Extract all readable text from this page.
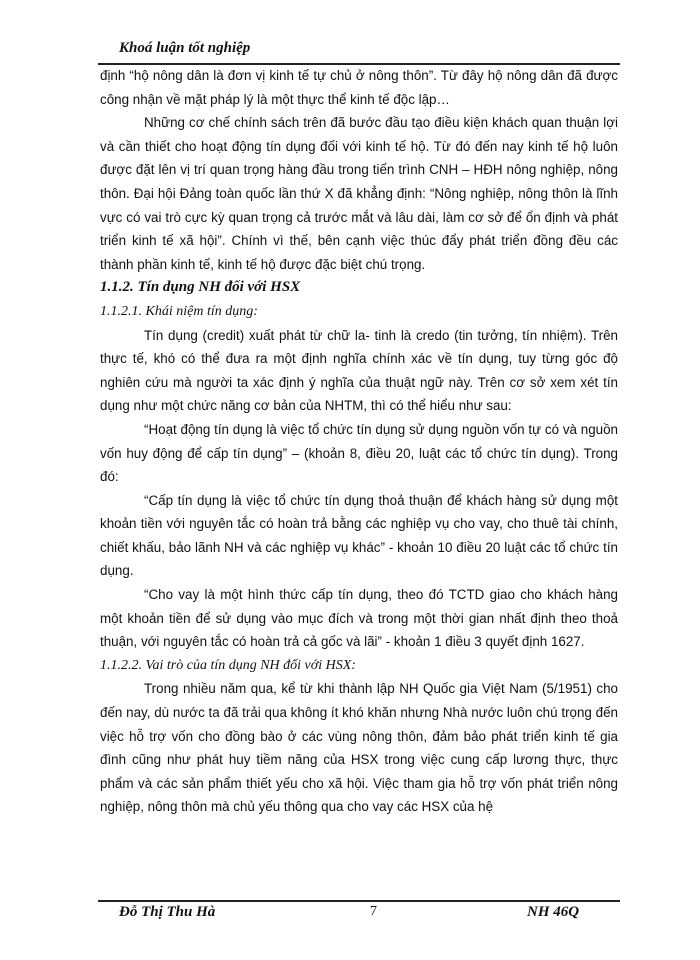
Khoá luận tốt nghiệp

định “hộ nông dân là đơn vị kinh tế tự chủ ở nông thôn”. Từ đây hộ nông dân đã được công nhận về mặt pháp lý là một thực thể kinh tế độc lập…

Những cơ chế chính sách trên đã bước đầu tạo điều kiện khách quan thuận lợi và cần thiết cho hoạt động tín dụng đối với kinh tế hộ. Từ đó đến nay kinh tế hộ luôn được đặt lên vị trí quan trọng hàng đầu trong tiến trình CNH – HĐH nông nghiệp, nông thôn. Đại hội Đảng toàn quốc lần thứ X đã khẳng định: “Nông nghiệp, nông thôn là lĩnh vực có vai trò cực kỳ quan trọng cả trước mắt và lâu dài, làm cơ sở để ổn định và phát triển kinh tế xã hội”. Chính vì thế, bên cạnh việc thúc đẩy phát triển đồng đều các thành phần kinh tế, kinh tế hộ được đặc biệt chú trọng.

1.1.2. Tín dụng NH đối với HSX

1.1.2.1. Khái niệm tín dụng:

Tín dụng (credit) xuất phát từ chữ la- tinh là credo (tin tưởng, tín nhiệm). Trên thực tế, khó có thể đưa ra một định nghĩa chính xác về tín dụng, tuy từng góc độ nghiên cứu mà người ta xác định ý nghĩa của thuật ngữ này. Trên cơ sở xem xét tín dụng như một chức năng cơ bản của NHTM, thì có thể hiểu như sau:

“Hoạt động tín dụng là việc tổ chức tín dụng sử dụng nguồn vốn tự có và nguồn vốn huy động để cấp tín dụng” – (khoản 8, điều 20, luật các tổ chức tín dụng). Trong đó:

“Cấp tín dụng là việc tổ chức tín dụng thoả thuận để khách hàng sử dụng một khoản tiền với nguyên tắc có hoàn trả bằng các nghiệp vụ cho vay, cho thuê tài chính, chiết khấu, bảo lãnh NH và các nghiệp vụ khác” - khoản 10 điều 20 luật các tổ chức tín dụng.

“Cho vay là một hình thức cấp tín dụng, theo đó TCTD giao cho khách hàng một khoản tiền để sử dụng vào mục đích và trong một thời gian nhất định theo thoả thuận, với nguyên tắc có hoàn trả cả gốc và lãi” - khoản 1 điều 3 quyết định 1627.

1.1.2.2. Vai trò của tín dụng NH đối với HSX:

Trong nhiều năm qua, kể từ khi thành lập NH Quốc gia Việt Nam (5/1951) cho đến nay, dù nước ta đã trải qua không ít khó khăn nhưng Nhà nước luôn chú trọng đến việc hỗ trợ vốn cho đồng bào ở các vùng nông thôn, đảm bảo phát triển kinh tế gia đình cũng như phát huy tiềm năng của HSX trong việc cung cấp lương thực, thực phẩm và các sản phẩm thiết yếu cho xã hội. Việc tham gia hỗ trợ vốn phát triển nông nghiệp, nông thôn mà chủ yếu thông qua cho vay các HSX của hệ

Đỗ Thị Thu Hà	7	NH 46Q
